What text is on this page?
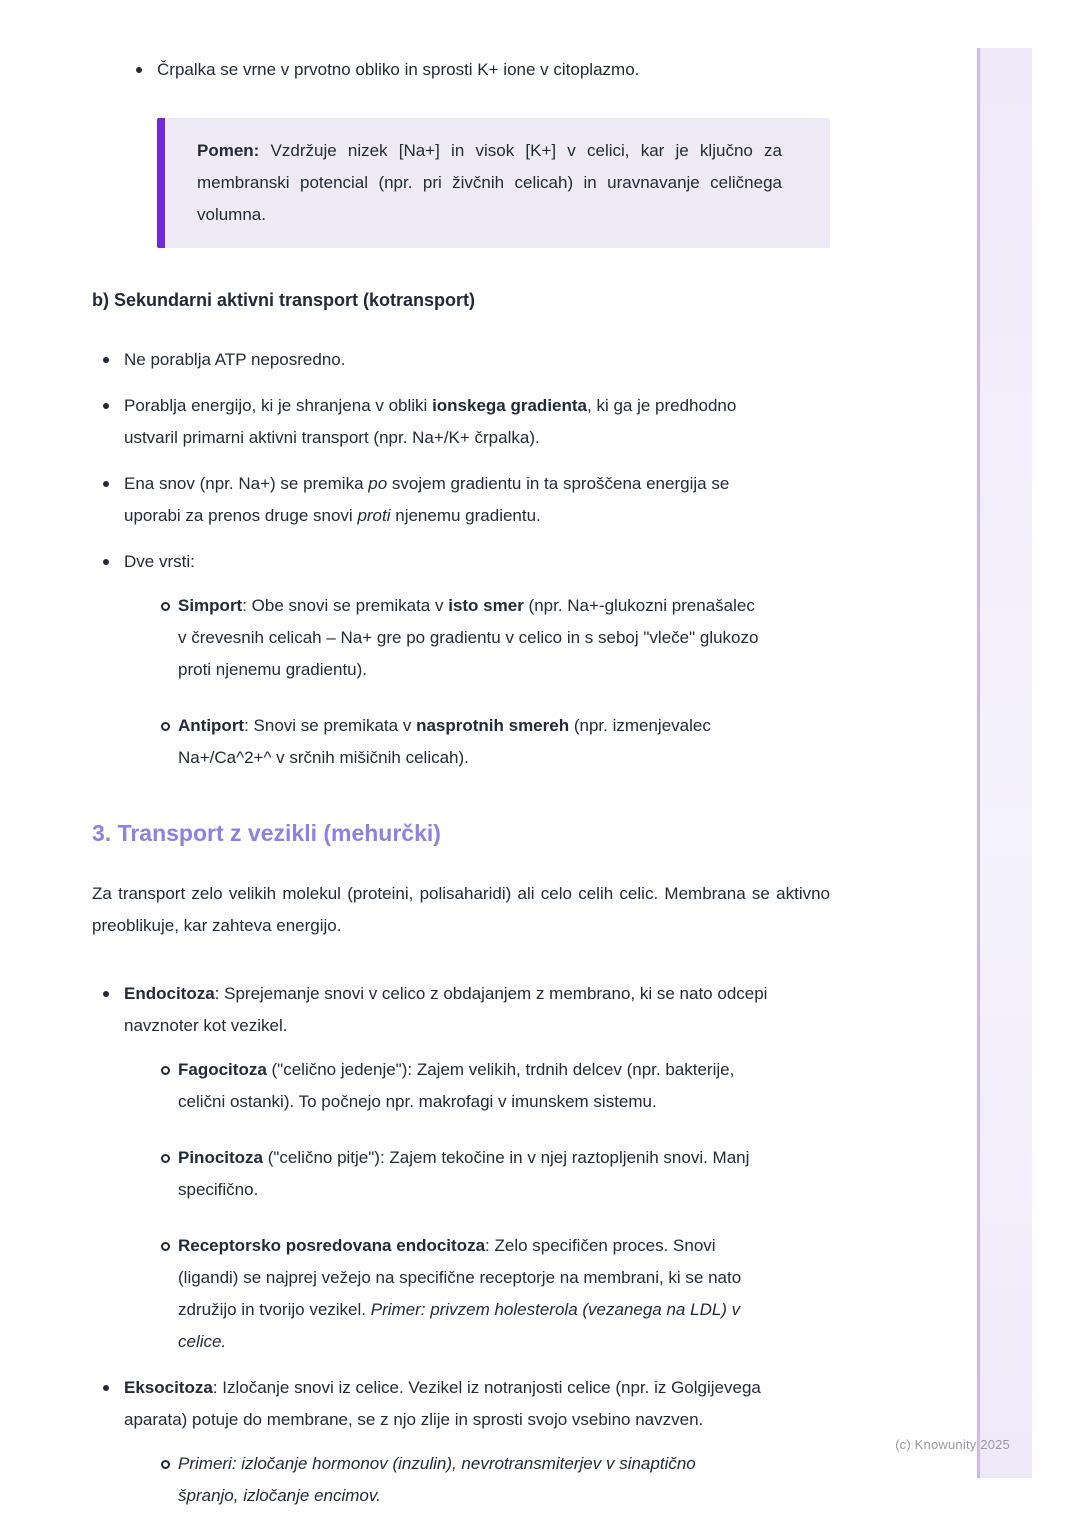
(c) Knowunity 2025
Črpalka se vrne v prvotno obliko in sprosti K+ ione v citoplazmo.

Pomen: Vzdržuje nizek [Na+] in visok [K+] v celici, kar je ključno za membranski potencial (npr. pri živčnih celicah) in uravnavanje celičnega volumna.

b) Sekundarni aktivni transport (kotransport)
Ne porablja ATP neposredno.
Porablja energijo, ki je shranjena v obliki ionskega gradienta, ki ga je predhodno ustvaril primarni aktivni transport (npr. Na+/K+ črpalka).
Ena snov (npr. Na+) se premika po svojem gradientu in ta sproščena energija se uporabi za prenos druge snovi proti njenemu gradientu.
Dve vrsti:
Simport: Obe snovi se premikata v isto smer (npr. Na+-glukozni prenašalec v črevesnih celicah – Na+ gre po gradientu v celico in s seboj "vleče" glukozo proti njenemu gradientu).
Antiport: Snovi se premikata v nasprotnih smereh (npr. izmenjevalec Na+/Ca^2+^ v srčnih mišičnih celicah).
3. Transport z vezikli (mehurčki)

Za transport zelo velikih molekul (proteini, polisaharidi) ali celo celih celic. Membrana se aktivno preoblikuje, kar zahteva energijo.

Endocitoza: Sprejemanje snovi v celico z obdajanjem z membrano, ki se nato odcepi navznoter kot vezikel.
Fagocitoza ("celično jedenje"): Zajem velikih, trdnih delcev (npr. bakterije, celični ostanki). To počnejo npr. makrofagi v imunskem sistemu.
Pinocitoza ("celično pitje"): Zajem tekočine in v njej raztopljenih snovi. Manj specifično.
Receptorsko posredovana endocitoza: Zelo specifičen proces. Snovi (ligandi) se najprej vežejo na specifične receptorje na membrani, ki se nato združijo in tvorijo vezikel. Primer: privzem holesterola (vezanega na LDL) v celice.
Eksocitoza: Izločanje snovi iz celice. Vezikel iz notranjosti celice (npr. iz Golgijevega aparata) potuje do membrane, se z njo zlije in sprosti svojo vsebino navzven.
Primeri: izločanje hormonov (inzulin), nevrotransmiterjev v sinaptično špranjo, izločanje encimov.
